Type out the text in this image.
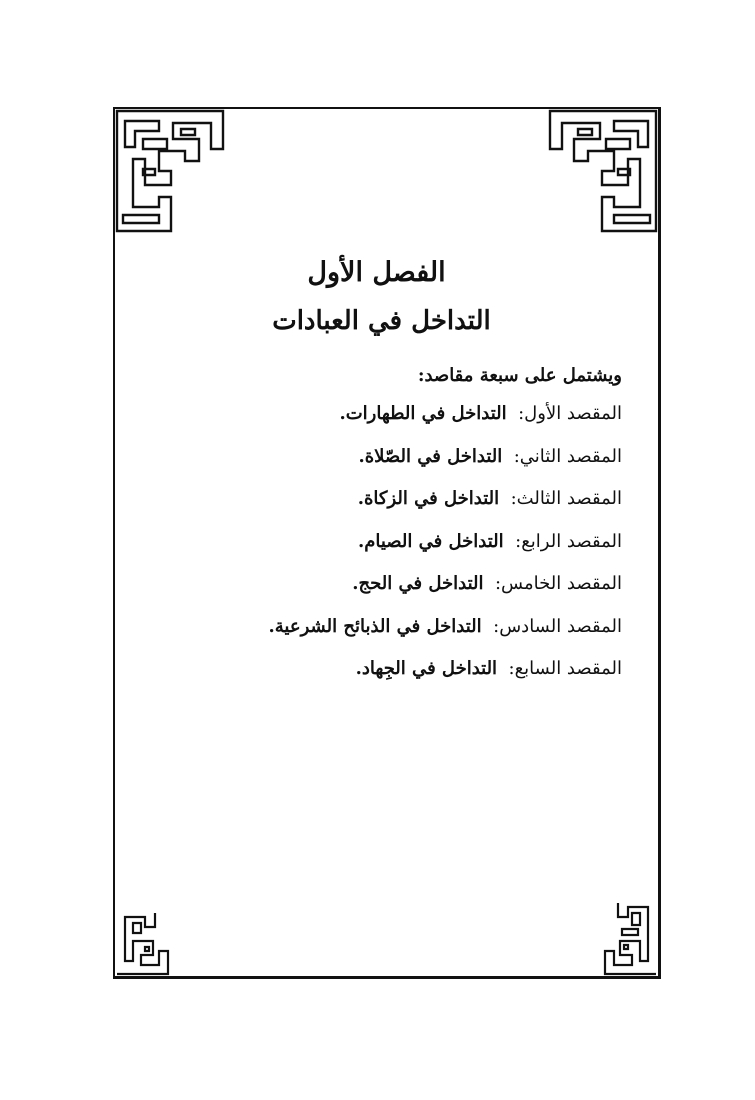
الفصل الأول
التداخل في العبادات

ويشتمل على سبعة مقاصد:

المقصد الأول:  التداخل في الطهارات.
المقصد الثاني:  التداخل في الصّلاة.
المقصد الثالث:  التداخل في الزكاة.
المقصد الرابع:  التداخل في الصيام.
المقصد الخامس:  التداخل في الحج.
المقصد السادس:  التداخل في الذبائح الشرعية.
المقصد السابع:  التداخل في الجِهاد.
